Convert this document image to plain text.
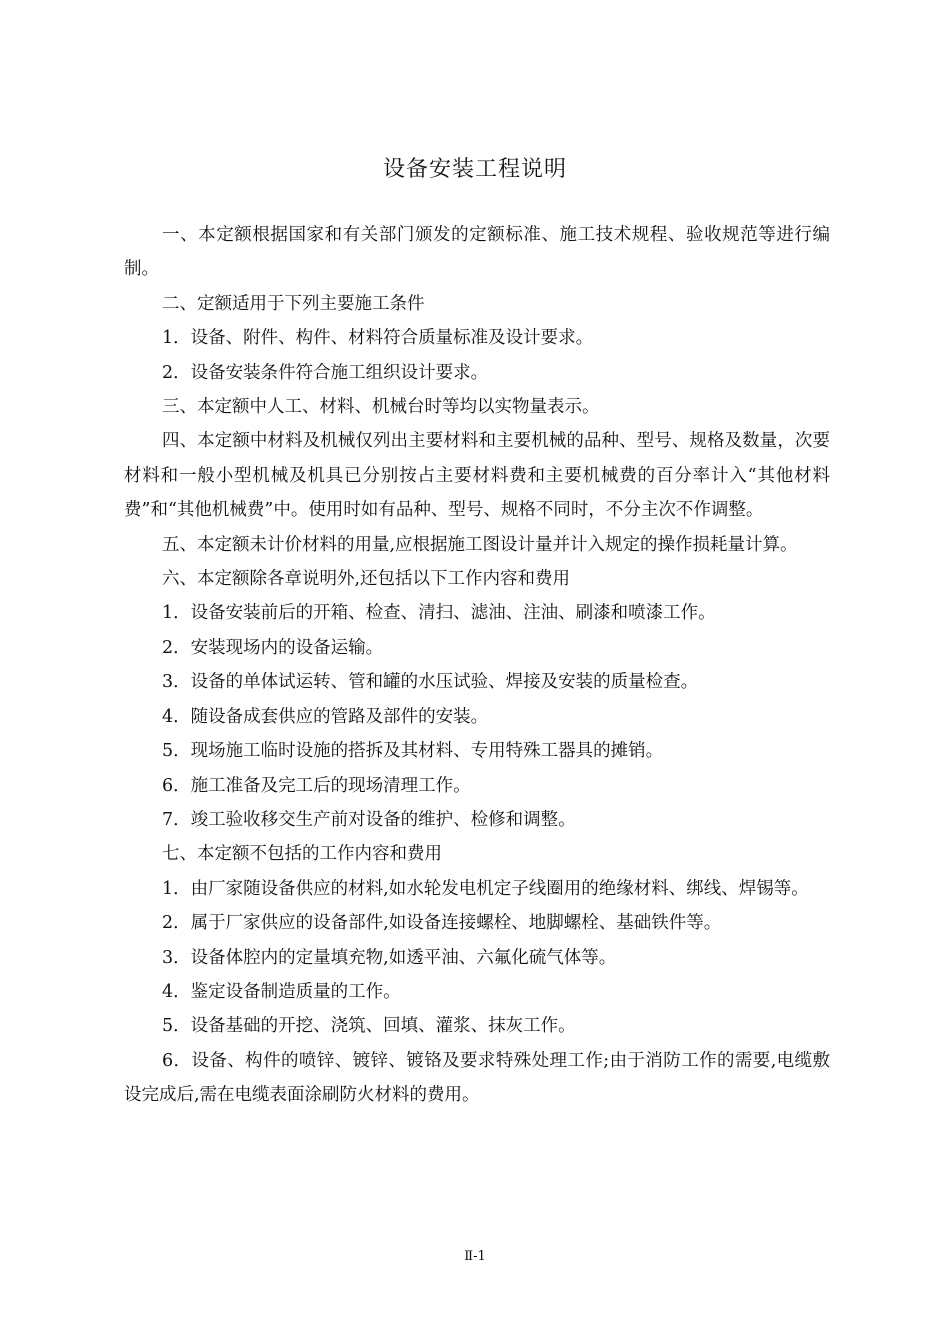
设备安装工程说明

一、本定额根据国家和有关部门颁发的定额标准、施工技术规程、验收规范等进行编制。

二、定额适用于下列主要施工条件

1．设备、附件、构件、材料符合质量标准及设计要求。

2．设备安装条件符合施工组织设计要求。

三、本定额中人工、材料、机械台时等均以实物量表示。

四、本定额中材料及机械仅列出主要材料和主要机械的品种、型号、规格及数量，次要材料和一般小型机械及机具已分别按占主要材料费和主要机械费的百分率计入“其他材料费”和“其他机械费”中。使用时如有品种、型号、规格不同时，不分主次不作调整。

五、本定额未计价材料的用量,应根据施工图设计量并计入规定的操作损耗量计算。

六、本定额除各章说明外,还包括以下工作内容和费用

1．设备安装前后的开箱、检查、清扫、滤油、注油、刷漆和喷漆工作。

2．安装现场内的设备运输。

3．设备的单体试运转、管和罐的水压试验、焊接及安装的质量检查。

4．随设备成套供应的管路及部件的安装。

5．现场施工临时设施的搭拆及其材料、专用特殊工器具的摊销。

6．施工准备及完工后的现场清理工作。

7．竣工验收移交生产前对设备的维护、检修和调整。

七、本定额不包括的工作内容和费用

1．由厂家随设备供应的材料,如水轮发电机定子线圈用的绝缘材料、绑线、焊锡等。

2．属于厂家供应的设备部件,如设备连接螺栓、地脚螺栓、基础铁件等。

3．设备体腔内的定量填充物,如透平油、六氟化硫气体等。

4．鉴定设备制造质量的工作。

5．设备基础的开挖、浇筑、回填、灌浆、抹灰工作。

6．设备、构件的喷锌、镀锌、镀铬及要求特殊处理工作;由于消防工作的需要,电缆敷设完成后,需在电缆表面涂刷防火材料的费用。

Ⅱ-1
